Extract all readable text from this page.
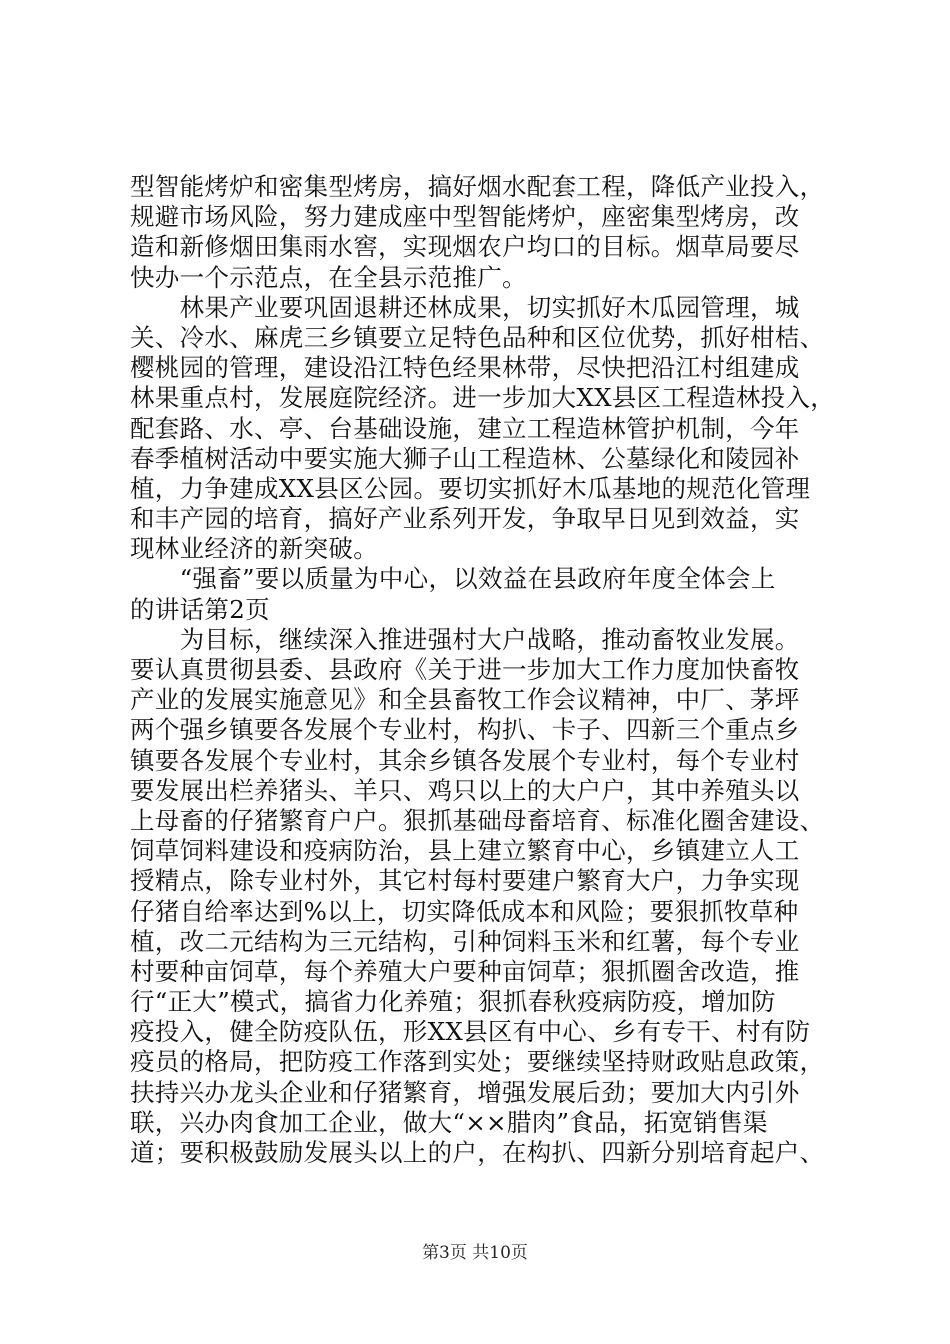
型智能烤炉和密集型烤房，搞好烟水配套工程，降低产业投入，
规避市场风险，努力建成座中型智能烤炉，座密集型烤房，改
造和新修烟田集雨水窖，实现烟农户均口的目标。烟草局要尽
快办一个示范点，在全县示范推广。
　　林果产业要巩固退耕还林成果，切实抓好木瓜园管理，城
关、冷水、麻虎三乡镇要立足特色品种和区位优势，抓好柑桔、
樱桃园的管理，建设沿江特色经果林带，尽快把沿江村组建成
林果重点村，发展庭院经济。进一步加大XX县区工程造林投入，
配套路、水、亭、台基础设施，建立工程造林管护机制，今年
春季植树活动中要实施大狮子山工程造林、公墓绿化和陵园补
植，力争建成XX县区公园。要切实抓好木瓜基地的规范化管理
和丰产园的培育，搞好产业系列开发，争取早日见到效益，实
现林业经济的新突破。
　　“强畜”要以质量为中心，以效益在县政府年度全体会上
的讲话第2页
　　为目标，继续深入推进强村大户战略，推动畜牧业发展。
要认真贯彻县委、县政府《关于进一步加大工作力度加快畜牧
产业的发展实施意见》和全县畜牧工作会议精神，中厂、茅坪
两个强乡镇要各发展个专业村，构扒、卡子、四新三个重点乡
镇要各发展个专业村，其余乡镇各发展个专业村，每个专业村
要发展出栏养猪头、羊只、鸡只以上的大户户，其中养殖头以
上母畜的仔猪繁育户户。狠抓基础母畜培育、标准化圈舍建设、
饲草饲料建设和疫病防治，县上建立繁育中心，乡镇建立人工
授精点，除专业村外，其它村每村要建户繁育大户，力争实现
仔猪自给率达到%以上，切实降低成本和风险；要狠抓牧草种
植，改二元结构为三元结构，引种饲料玉米和红薯，每个专业
村要种亩饲草，每个养殖大户要种亩饲草；狠抓圈舍改造，推
行“正大”模式，搞省力化养殖；狠抓春秋疫病防疫，增加防
疫投入，健全防疫队伍，形XX县区有中心、乡有专干、村有防
疫员的格局，把防疫工作落到实处；要继续坚持财政贴息政策，
扶持兴办龙头企业和仔猪繁育，增强发展后劲；要加大内引外
联，兴办肉食加工企业，做大“××腊肉”食品，拓宽销售渠
道；要积极鼓励发展头以上的户，在构扒、四新分别培育起户、
第3页 共10页
